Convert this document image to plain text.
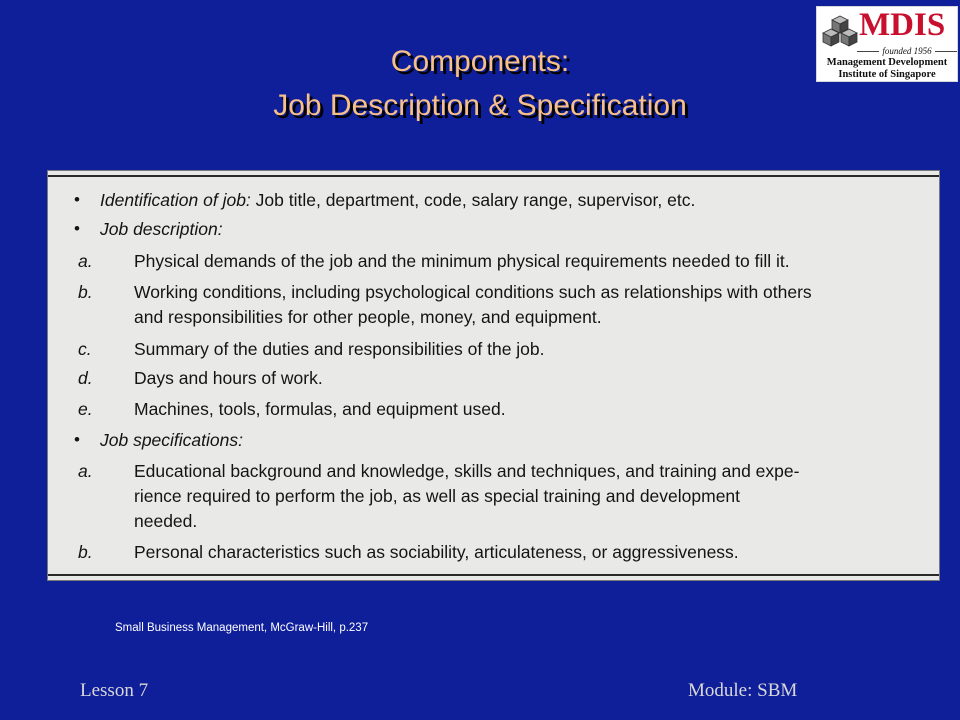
MDIS
founded 1956
Management Development
Institute of Singapore
Components:
Job Description & Specification
• Identification of job: Job title, department, code, salary range, supervisor, etc.
• Job description:
a. Physical demands of the job and the minimum physical requirements needed to fill it.
b. Working conditions, including psychological conditions such as relationships with others
and responsibilities for other people, money, and equipment.
c. Summary of the duties and responsibilities of the job.
d. Days and hours of work.
e. Machines, tools, formulas, and equipment used.
• Job specifications:
a. Educational background and knowledge, skills and techniques, and training and expe-
rience required to perform the job, as well as special training and development
needed.
b. Personal characteristics such as sociability, articulateness, or aggressiveness.
Small Business Management, McGraw-Hill, p.237
Lesson 7	Module: SBM
